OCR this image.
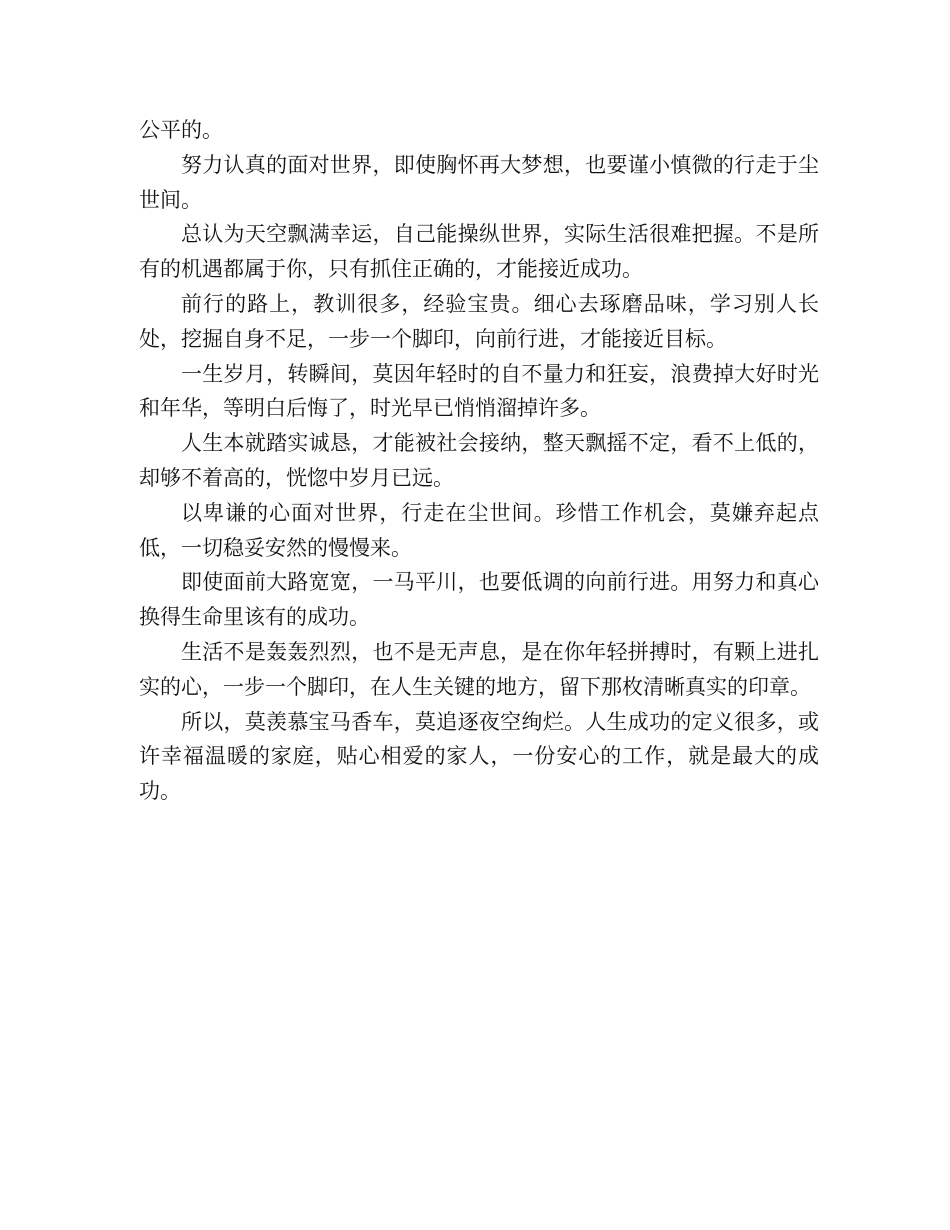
公平的。

努力认真的面对世界，即使胸怀再大梦想，也要谨小慎微的行走于尘世间。

总认为天空飘满幸运，自己能操纵世界，实际生活很难把握。不是所有的机遇都属于你，只有抓住正确的，才能接近成功。

前行的路上，教训很多，经验宝贵。细心去琢磨品味，学习别人长处，挖掘自身不足，一步一个脚印，向前行进，才能接近目标。

一生岁月，转瞬间，莫因年轻时的自不量力和狂妄，浪费掉大好时光和年华，等明白后悔了，时光早已悄悄溜掉许多。

人生本就踏实诚恳，才能被社会接纳，整天飘摇不定，看不上低的，却够不着高的，恍惚中岁月已远。

以卑谦的心面对世界，行走在尘世间。珍惜工作机会，莫嫌弃起点低，一切稳妥安然的慢慢来。

即使面前大路宽宽，一马平川，也要低调的向前行进。用努力和真心换得生命里该有的成功。

生活不是轰轰烈烈，也不是无声息，是在你年轻拼搏时，有颗上进扎实的心，一步一个脚印，在人生关键的地方，留下那枚清晰真实的印章。

所以，莫羡慕宝马香车，莫追逐夜空绚烂。人生成功的定义很多，或许幸福温暖的家庭，贴心相爱的家人，一份安心的工作，就是最大的成功。
